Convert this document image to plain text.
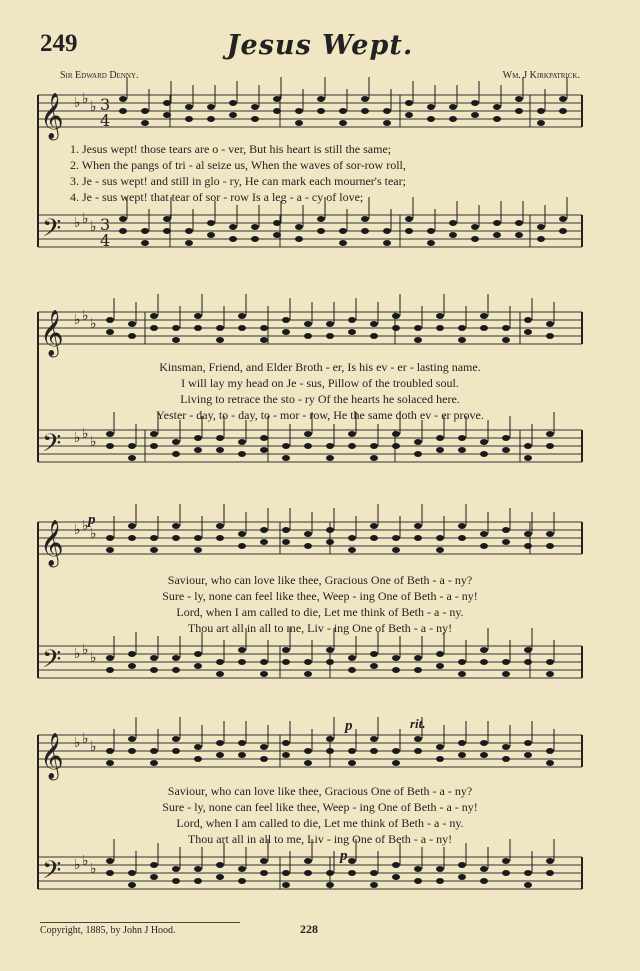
249	Jesus Wept.
Sir Edward Denny.	Wm. J Kirkpatrick.
𝄞
𝄢
♭ ♭ ♭ 3
4
♭ ♭ ♭ 3
4
𝄞
𝄢
♭ ♭ ♭
♭ ♭ ♭
𝄞
𝄢
♭ ♭ ♭
♭ ♭ ♭
𝄞
𝄢
♭ ♭ ♭
♭ ♭ ♭
p
p	rit.
p
1. Jesus wept! those tears are o - ver, But his heart is still the same;
2. When the pangs of tri - al seize us, When the waves of sor-row roll,
3. Je - sus wept! and still in glo - ry, He can mark each mourner's tear;
4. Je - sus wept! that tear of sor - row Is a leg - a - cy of love;
Kinsman, Friend, and Elder Broth - er, Is his ev - er - lasting name.
I will lay my head on Je - sus, Pillow of the troubled soul.
Living to retrace the sto - ry Of the hearts he solaced here.
Yester - day, to - day, to - mor - row, He the same doth ev - er prove.
Saviour, who can love like thee, Gracious One of Beth - a - ny?
Sure - ly, none can feel like thee, Weep - ing One of Beth - a - ny!
Lord, when I am called to die, Let me think of Beth - a - ny.
Thou art all in all to me, Liv - ing One of Beth - a - ny!
Saviour, who can love like thee, Gracious One of Beth - a - ny?
Sure - ly, none can feel like thee, Weep - ing One of Beth - a - ny!
Lord, when I am called to die, Let me think of Beth - a - ny.
Thou art all in all to me, Liv - ing One of Beth - a - ny!
Copyright, 1885, by John J Hood.	228
